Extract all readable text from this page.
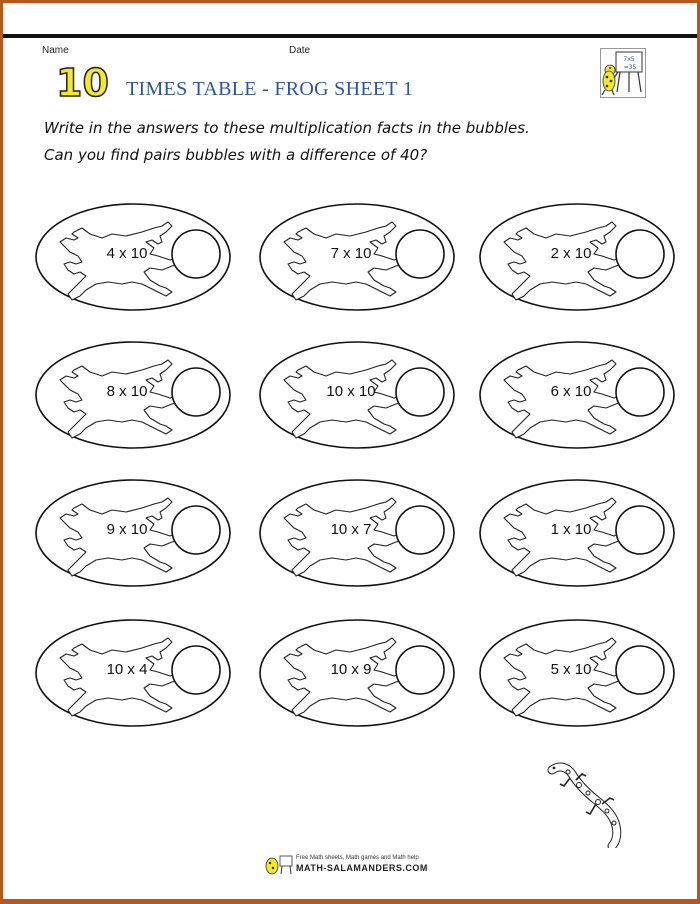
Name	Date
10 TIMES TABLE - FROG SHEET 1
Write in the answers to these multiplication facts in the bubbles.
Can you find pairs bubbles with a difference of 40?
7x5
=35
4 x 10	7 x 10	2 x 10
8 x 10	10 x 10	6 x 10
9 x 10	10 x 7	1 x 10
10 x 4	10 x 9	5 x 10
Free Math sheets, Math games and Math help
MATH-SALAMANDERS.COM
